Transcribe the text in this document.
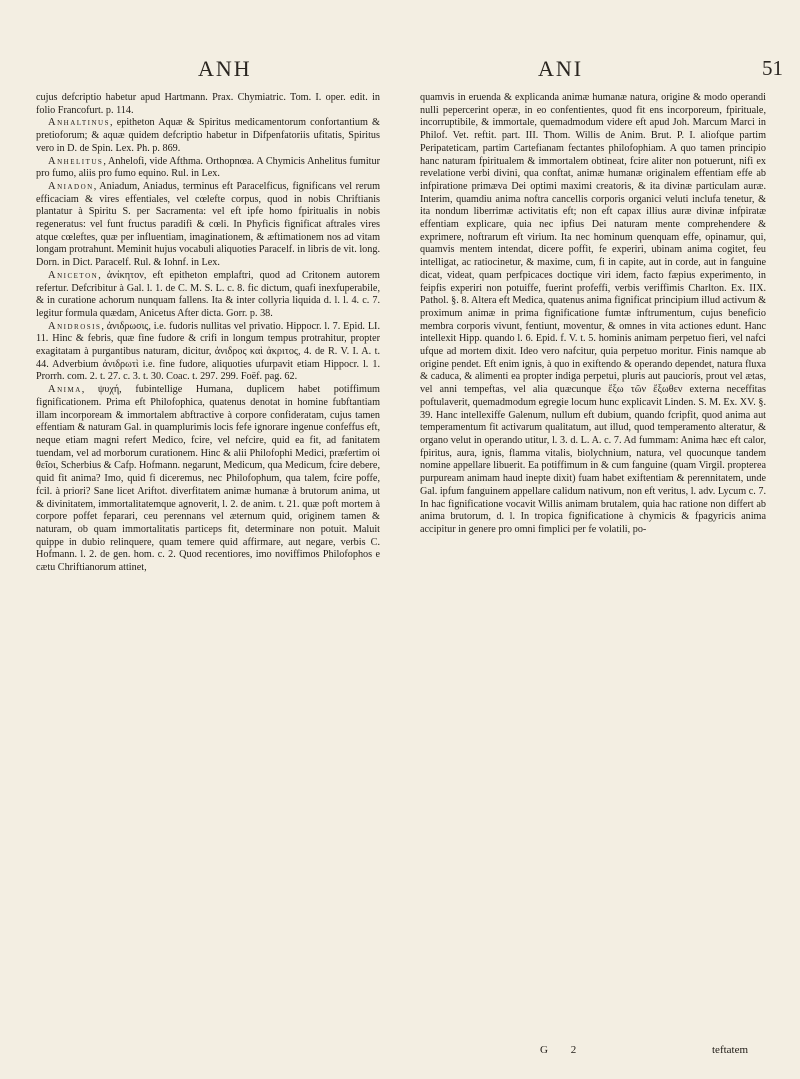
ANH	ANI	51

cujus defcriptio habetur apud Hartmann. Prax. Chymiatric. Tom. I. oper. edit. in folio Francofurt. p. 114.

Anhaltinus, epitheton Aquæ & Spiritus medicamentorum confortantium & pretioforum; & aquæ quidem defcriptio habetur in Difpenfatoriis ufitatis, Spiritus vero in D. de Spin. Lex. Ph. p. 869.

Anhelitus, Anhelofi, vide Afthma. Orthopnœa. A Chymicis Anhelitus fumitur pro fumo, aliis pro fumo equino. Rul. in Lex.

Aniadon, Aniadum, Aniadus, terminus eft Paracelficus, fignificans vel rerum efficaciam & vires effentiales, vel cœlefte corpus, quod in nobis Chriftianis plantatur à Spiritu S. per Sacramenta: vel eft ipfe homo fpiritualis in nobis regeneratus: vel funt fructus paradifi & cœli. In Phyficis fignificat aftrales vires atque cœleftes, quæ per influentiam, imaginationem, & æftimationem nos ad vitam longam protrahunt. Meminit hujus vocabuli aliquoties Paracelf. in libris de vit. long. Dorn. in Dict. Paracelf. Rul. & Iohnf. in Lex.

Aniceton, ἀνίκητον, eft epitheton emplaftri, quod ad Critonem autorem refertur. Defcribitur à Gal. l. 1. de C. M. S. L. c. 8. fic dictum, quafi inexfuperabile, & in curatione achorum nunquam fallens. Ita & inter collyria liquida d. l. l. 4. c. 7. legitur formula quædam, Anicetus After dicta. Gorr. p. 38.

Anidrosis, ἀνιδρωσις, i.e. fudoris nullitas vel privatio. Hippocr. l. 7. Epid. LI. 11. Hinc & febris, quæ fine fudore & crifi in longum tempus protrahitur, propter exagitatam à purgantibus naturam, dicitur, ἀνιδρος καὶ ἀκριτος, 4. de R. V. I. A. t. 44. Adverbium ἀνιδρωτὶ i.e. fine fudore, aliquoties ufurpavit etiam Hippocr. l. 1. Prorrh. com. 2. t. 27. c. 3. t. 30. Coac. t. 297. 299. Foëf. pag. 62.

Anima, ψυχή, fubintellige Humana, duplicem habet potiffimum fignificationem. Prima eft Philofophica, quatenus denotat in homine fubftantiam illam incorpoream & immortalem abftractive à corpore confideratam, cujus tamen effentiam & naturam Gal. in quamplurimis locis fefe ignorare ingenue confeffus eft, neque etiam magni refert Medico, fcire, vel nefcire, quid ea fit, ad fanitatem tuendam, vel ad morborum curationem. Hinc & alii Philofophi Medici, præfertim οἱ θεῖοι, Scherbius & Cafp. Hofmann. negarunt, Medicum, qua Medicum, fcire debere, quid fit anima? Imo, quid fi diceremus, nec Philofophum, qua talem, fcire poffe, fcil. à priori? Sane licet Ariftot. diverfitatem animæ humanæ à brutorum anima, ut & divinitatem, immortalitatemque agnoverit, l. 2. de anim. t. 21. quæ poft mortem à corpore poffet feparari, ceu perennans vel æternum quid, originem tamen & naturam, ob quam immortalitatis particeps fit, determinare non potuit. Maluit quippe in dubio relinquere, quam temere quid affirmare, aut negare, verbis C. Hofmann. l. 2. de gen. hom. c. 2. Quod recentiores, imo noviffimos Philofophos e cætu Chriftianorum attinet,

quamvis in eruenda & explicanda animæ humanæ natura, origine & modo operandi nulli pepercerint operæ, in eo confentientes, quod fit ens incorporeum, fpirituale, incorruptibile, & immortale, quemadmodum videre eft apud Joh. Marcum Marci in Philof. Vet. reftit. part. III. Thom. Willis de Anim. Brut. P. I. aliofque partim Peripateticam, partim Cartefianam fectantes philofophiam. A quo tamen principio hanc naturam fpiritualem & immortalem obtineat, fcire aliter non potuerunt, nifi ex revelatione verbi divini, qua conftat, animæ humanæ originalem effentiam effe ab infpiratione primæva Dei optimi maximi creatoris, & ita divinæ particulam auræ. Interim, quamdiu anima noftra cancellis corporis organici veluti inclufa tenetur, & ita nondum liberrimæ activitatis eft; non eft capax illius auræ divinæ infpiratæ effentiam explicare, quia nec ipfius Dei naturam mente comprehendere & exprimere, noftrarum eft virium. Ita nec hominum quenquam effe, opinamur, qui, quamvis mentem intendat, dicere poffit, fe experiri, ubinam anima cogitet, feu intelligat, ac ratiocinetur, & maxime, cum, fi in capite, aut in corde, aut in fanguine dicat, videat, quam perfpicaces doctique viri idem, facto fæpius experimento, in feipfis experiri non potuiffe, fuerint profeffi, verbis veriffimis Charlton. Ex. IIX. Pathol. §. 8. Altera eft Medica, quatenus anima fignificat principium illud activum & proximum animæ in prima fignificatione fumtæ inftrumentum, cujus beneficio membra corporis vivunt, fentiunt, moventur, & omnes in vita actiones edunt. Hanc intellexit Hipp. quando l. 6. Epid. f. V. t. 5. hominis animam perpetuo fieri, vel nafci ufque ad mortem dixit. Ideo vero nafcitur, quia perpetuo moritur. Finis namque ab origine pendet. Eft enim ignis, à quo in exiftendo & operando dependet, natura fluxa & caduca, & alimenti ea propter indiga perpetui, pluris aut pauciorís, prout vel ætas, vel anni tempeftas, vel alia quæcunque ἔξω τῶν ἔξωθεν externa neceffitas poftulaverit, quemadmodum egregie locum hunc explicavit Linden. S. M. Ex. XV. §. 39. Hanc intellexiffe Galenum, nullum eft dubium, quando fcripfit, quod anima aut temperamentum fit activarum qualitatum, aut illud, quod temperamento alteratur, & organo velut in operando utitur, l. 3. d. L. A. c. 7. Ad fummam: Anima hæc eft calor, fpiritus, aura, ignis, flamma vitalis, biolychnium, natura, vel quocunque tandem nomine appellare libuerit. Ea potiffimum in & cum fanguine (quam Virgil. propterea purpuream animam haud inepte dixit) fuam habet exiftentiam & perennitatem, unde Gal. ipfum fanguinem appellare calidum nativum, non eft veritus, l. adv. Lycum c. 7. In hac fignificatione vocavit Willis animam brutalem, quia hac ratione non differt ab anima brutorum, d. l. In tropica fignificatione à chymicis & fpagyricis anima accipitur in genere pro omni fimplici per fe volatili, po-

G 2	teftatem
